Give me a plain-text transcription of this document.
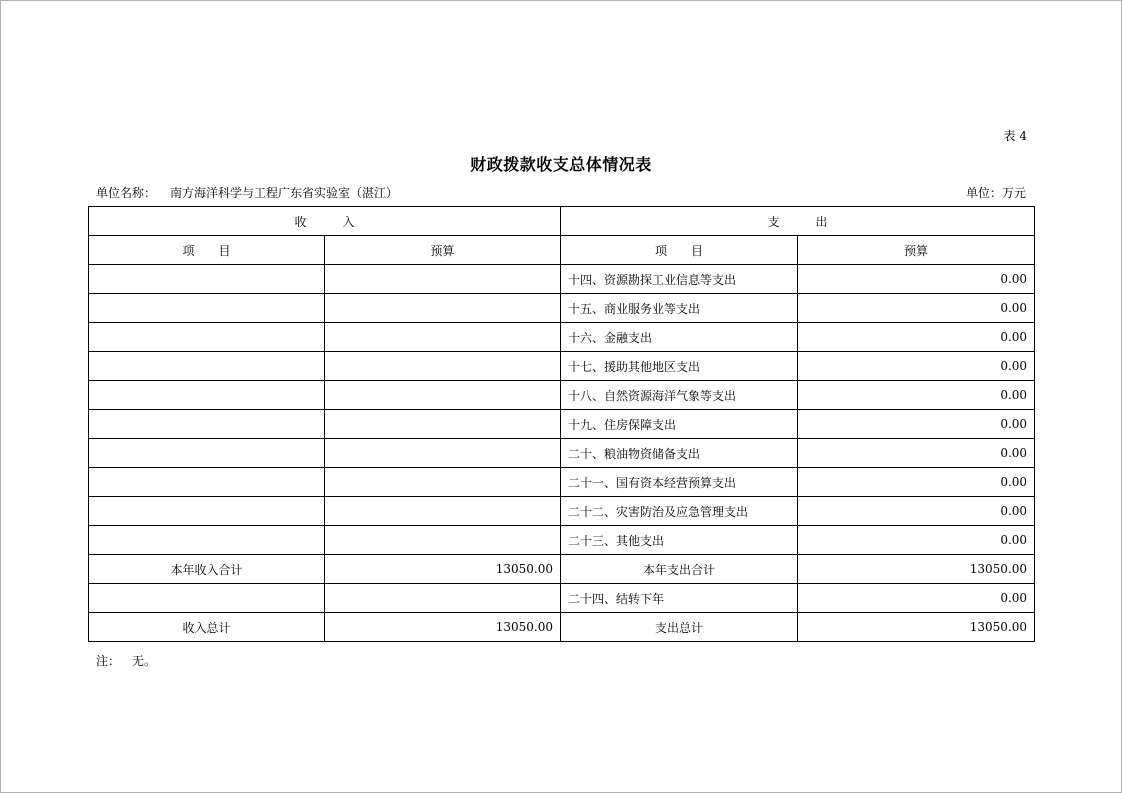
表 4
财政拨款收支总体情况表
单位名称： 南方海洋科学与工程广东省实验室（湛江）	单位：万元
收　　　入		支　　　出	
项　　目	预算	项　　目	预算
		十四、资源勘探工业信息等支出	0.00
		十五、商业服务业等支出	0.00
		十六、金融支出	0.00
		十七、援助其他地区支出	0.00
		十八、自然资源海洋气象等支出	0.00
		十九、住房保障支出	0.00
		二十、粮油物资储备支出	0.00
		二十一、国有资本经营预算支出	0.00
		二十二、灾害防治及应急管理支出	0.00
		二十三、其他支出	0.00
本年收入合计	13050.00	本年支出合计	13050.00
		二十四、结转下年	0.00
收入总计	13050.00	支出总计	13050.00
注： 无。
